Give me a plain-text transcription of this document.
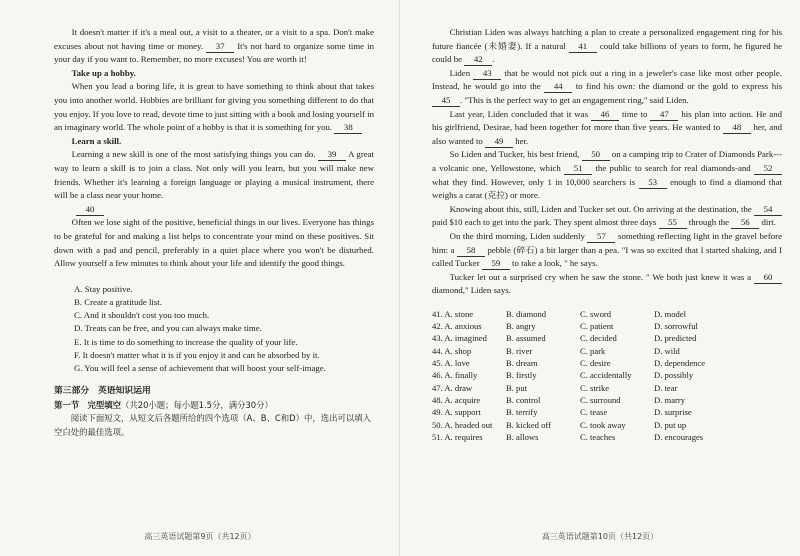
It doesn't matter if it's a meal out, a visit to a theater, or a visit to a spa. Don't make excuses about not having time or money. 37 It's not hard to organize some time in your day if you want to. Remember, no more excuses! You are worth it!

Take up a hobby.

When you lead a boring life, it is great to have something to think about that takes you into another world. Hobbies are brilliant for giving you something different to do that you enjoy. If you love to read, devote time to just sitting with a book and losing yourself in an imaginary world. The whole point of a hobby is that it is something for you. 38

Learn a skill.

Learning a new skill is one of the most satisfying things you can do. 39 A great way to learn a skill is to join a class. Not only will you learn, but you will make new friends. Whether it's learning a foreign language or playing a musical instrument, there will be a class near your home.

40

Often we lose sight of the positive, beneficial things in our lives. Everyone has things to be grateful for and making a list helps to concentrate your mind on these positives. Sit down with a pad and pencil, preferably in a quiet place where you won't be disturbed. Allow yourself a few minutes to think about your life and identify the good things.

A. Stay positive.
B. Create a gratitude list.
C. And it shouldn't cost you too much.
D. Treats can be free, and you can always make time.
E. It is time to do something to increase the quality of your life.
F. It doesn't matter what it is if you enjoy it and can be absorbed by it.
G. You will feel a sense of achievement that will boost your self-image.
第三部分　英语知识运用
第一节　完型填空（共20小题；每小题1.5分，满分30分）
阅读下面短文，从短文后各题所给的四个选项（A、B、C和D）中，选出可以填入空白处的最佳选项。
高三英语试题第9页（共12页）

Christian Liden was always hatching a plan to create a personalized engagement ring for his future fiancée (未婚妻). If a natural 41 could take billions of years to form, he figured he could be 42 .

Liden 43 that he would not pick out a ring in a jeweler's case like most other people. Instead, he would go into the 44 to find his own: the diamond or the gold to express his 45 . "This is the perfect way to get an engagement ring," said Liden.

Last year, Liden concluded that it was 46 time to 47 his plan into action. He and his girlfriend, Desirae, had been together for more than five years. He wanted to 48 her, and also wanted to 49 her.

So Liden and Tucker, his best friend, 50 on a camping trip to Crater of Diamonds Park---a volcanic one, Yellowstone, which 51 the public to search for real diamonds-and 52 what they find. However, only 1 in 10,000 searchers is 53 enough to find a diamond that weighs a carat (克拉) or more.

Knowing about this, still, Liden and Tucker set out. On arriving at the destination, the 54 paid $10 each to get into the park. They spent almost three days 55 through the 56 dirt.

On the third morning, Liden suddenly 57 something reflecting light in the gravel before him: a 58 pebble (碎石) a bit larger than a pea. "I was so excited that I started shaking, and I called Tucker 59 to take a look, " he says.

Tucker let out a surprised cry when he saw the stone. " We both just knew it was a 60 diamond," Liden says.

41. A. stone	B. diamond	C. sword	D. model
42. A. anxious	B. angry	C. patient	D. sorrowful
43. A. imagined	B. assumed	C. decided	D. predicted
44. A. shop	B. river	C. park	D. wild
45. A. love	B. dream	C. desire	D. dependence
46. A. finally	B. firstly	C. accidentally	D. possibly
47. A. draw	B. put	C. strike	D. tear
48. A. acquire	B. control	C. surround	D. marry
49. A. support	B. terrify	C. tease	D. surprise
50. A. headed out	B. kicked off	C. took away	D. put up
51. A. requires	B. allows	C. teaches	D. encourages
高三英语试题第10页（共12页）
